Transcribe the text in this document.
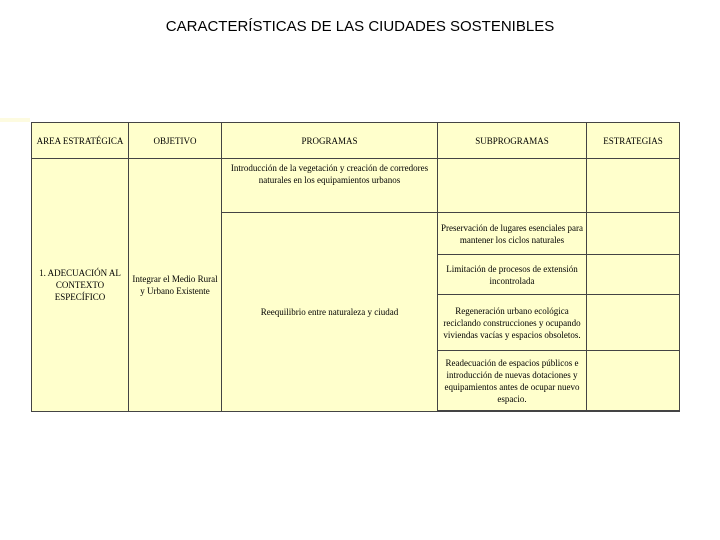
CARACTERÍSTICAS DE LAS CIUDADES SOSTENIBLES
AREA ESTRATÉGICA	OBJETIVO	PROGRAMAS	SUBPROGRAMAS	ESTRATEGIAS
1. ADECUACIÓN AL CONTEXTO ESPECÍFICO	Integrar el Medio Rural y Urbano Existente	Introducción de la vegetación y creación de corredores naturales en los equipamientos urbanos		
		Reequilibrio entre naturaleza y ciudad	Preservación de lugares esenciales para mantener los ciclos naturales	
			Limitación de procesos de extensión incontrolada	
			Regeneración urbano ecológica reciclando construcciones y ocupando viviendas vacías y espacios obsoletos.	
			Readecuación de espacios públicos e introducción de nuevas dotaciones y equipamientos antes de ocupar nuevo espacio.	
